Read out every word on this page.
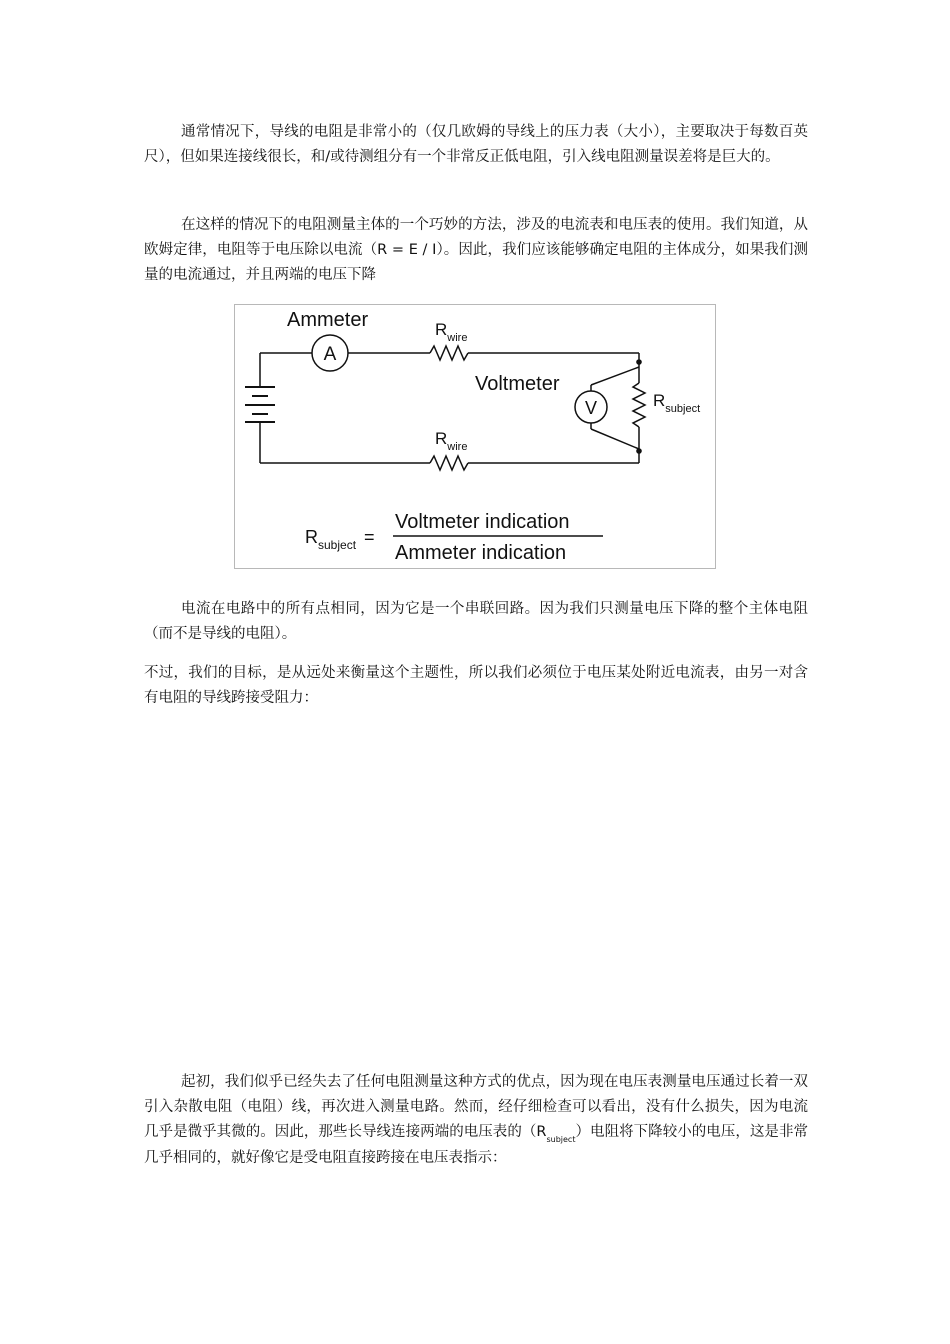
通常情况下，导线的电阻是非常小的（仅几欧姆的导线上的压力表（大小），主要取决于每数百英尺），但如果连接线很长，和/或待测组分有一个非常反正低电阻，引入线电阻测量误差将是巨大的。

在这样的情况下的电阻测量主体的一个巧妙的方法，涉及的电流表和电压表的使用。我们知道，从欧姆定律，电阻等于电压除以电流（R = E / I）。因此，我们应该能够确定电阻的主体成分，如果我们测量的电流通过，并且两端的电压下降

A
V
Ammeter
Voltmeter
$R_{wire}$
$R_{wire}$
$R_{subject}$
$R_{subject}$ =
Voltmeter indication
Ammeter indication

电流在电路中的所有点相同，因为它是一个串联回路。因为我们只测量电压下降的整个主体电阻（而不是导线的电阻）。

不过，我们的目标，是从远处来衡量这个主题性，所以我们必须位于电压某处附近电流表，由另一对含有电阻的导线跨接受阻力：

起初，我们似乎已经失去了任何电阻测量这种方式的优点，因为现在电压表测量电压通过长着一双引入杂散电阻（电阻）线，再次进入测量电路。然而，经仔细检查可以看出，没有什么损失，因为电流几乎是微乎其微的。因此，那些长导线连接两端的电压表的$(R_{subject})$电阻将下降较小的电压，这是非常几乎相同的，就好像它是受电阻直接跨接在电压表指示：
